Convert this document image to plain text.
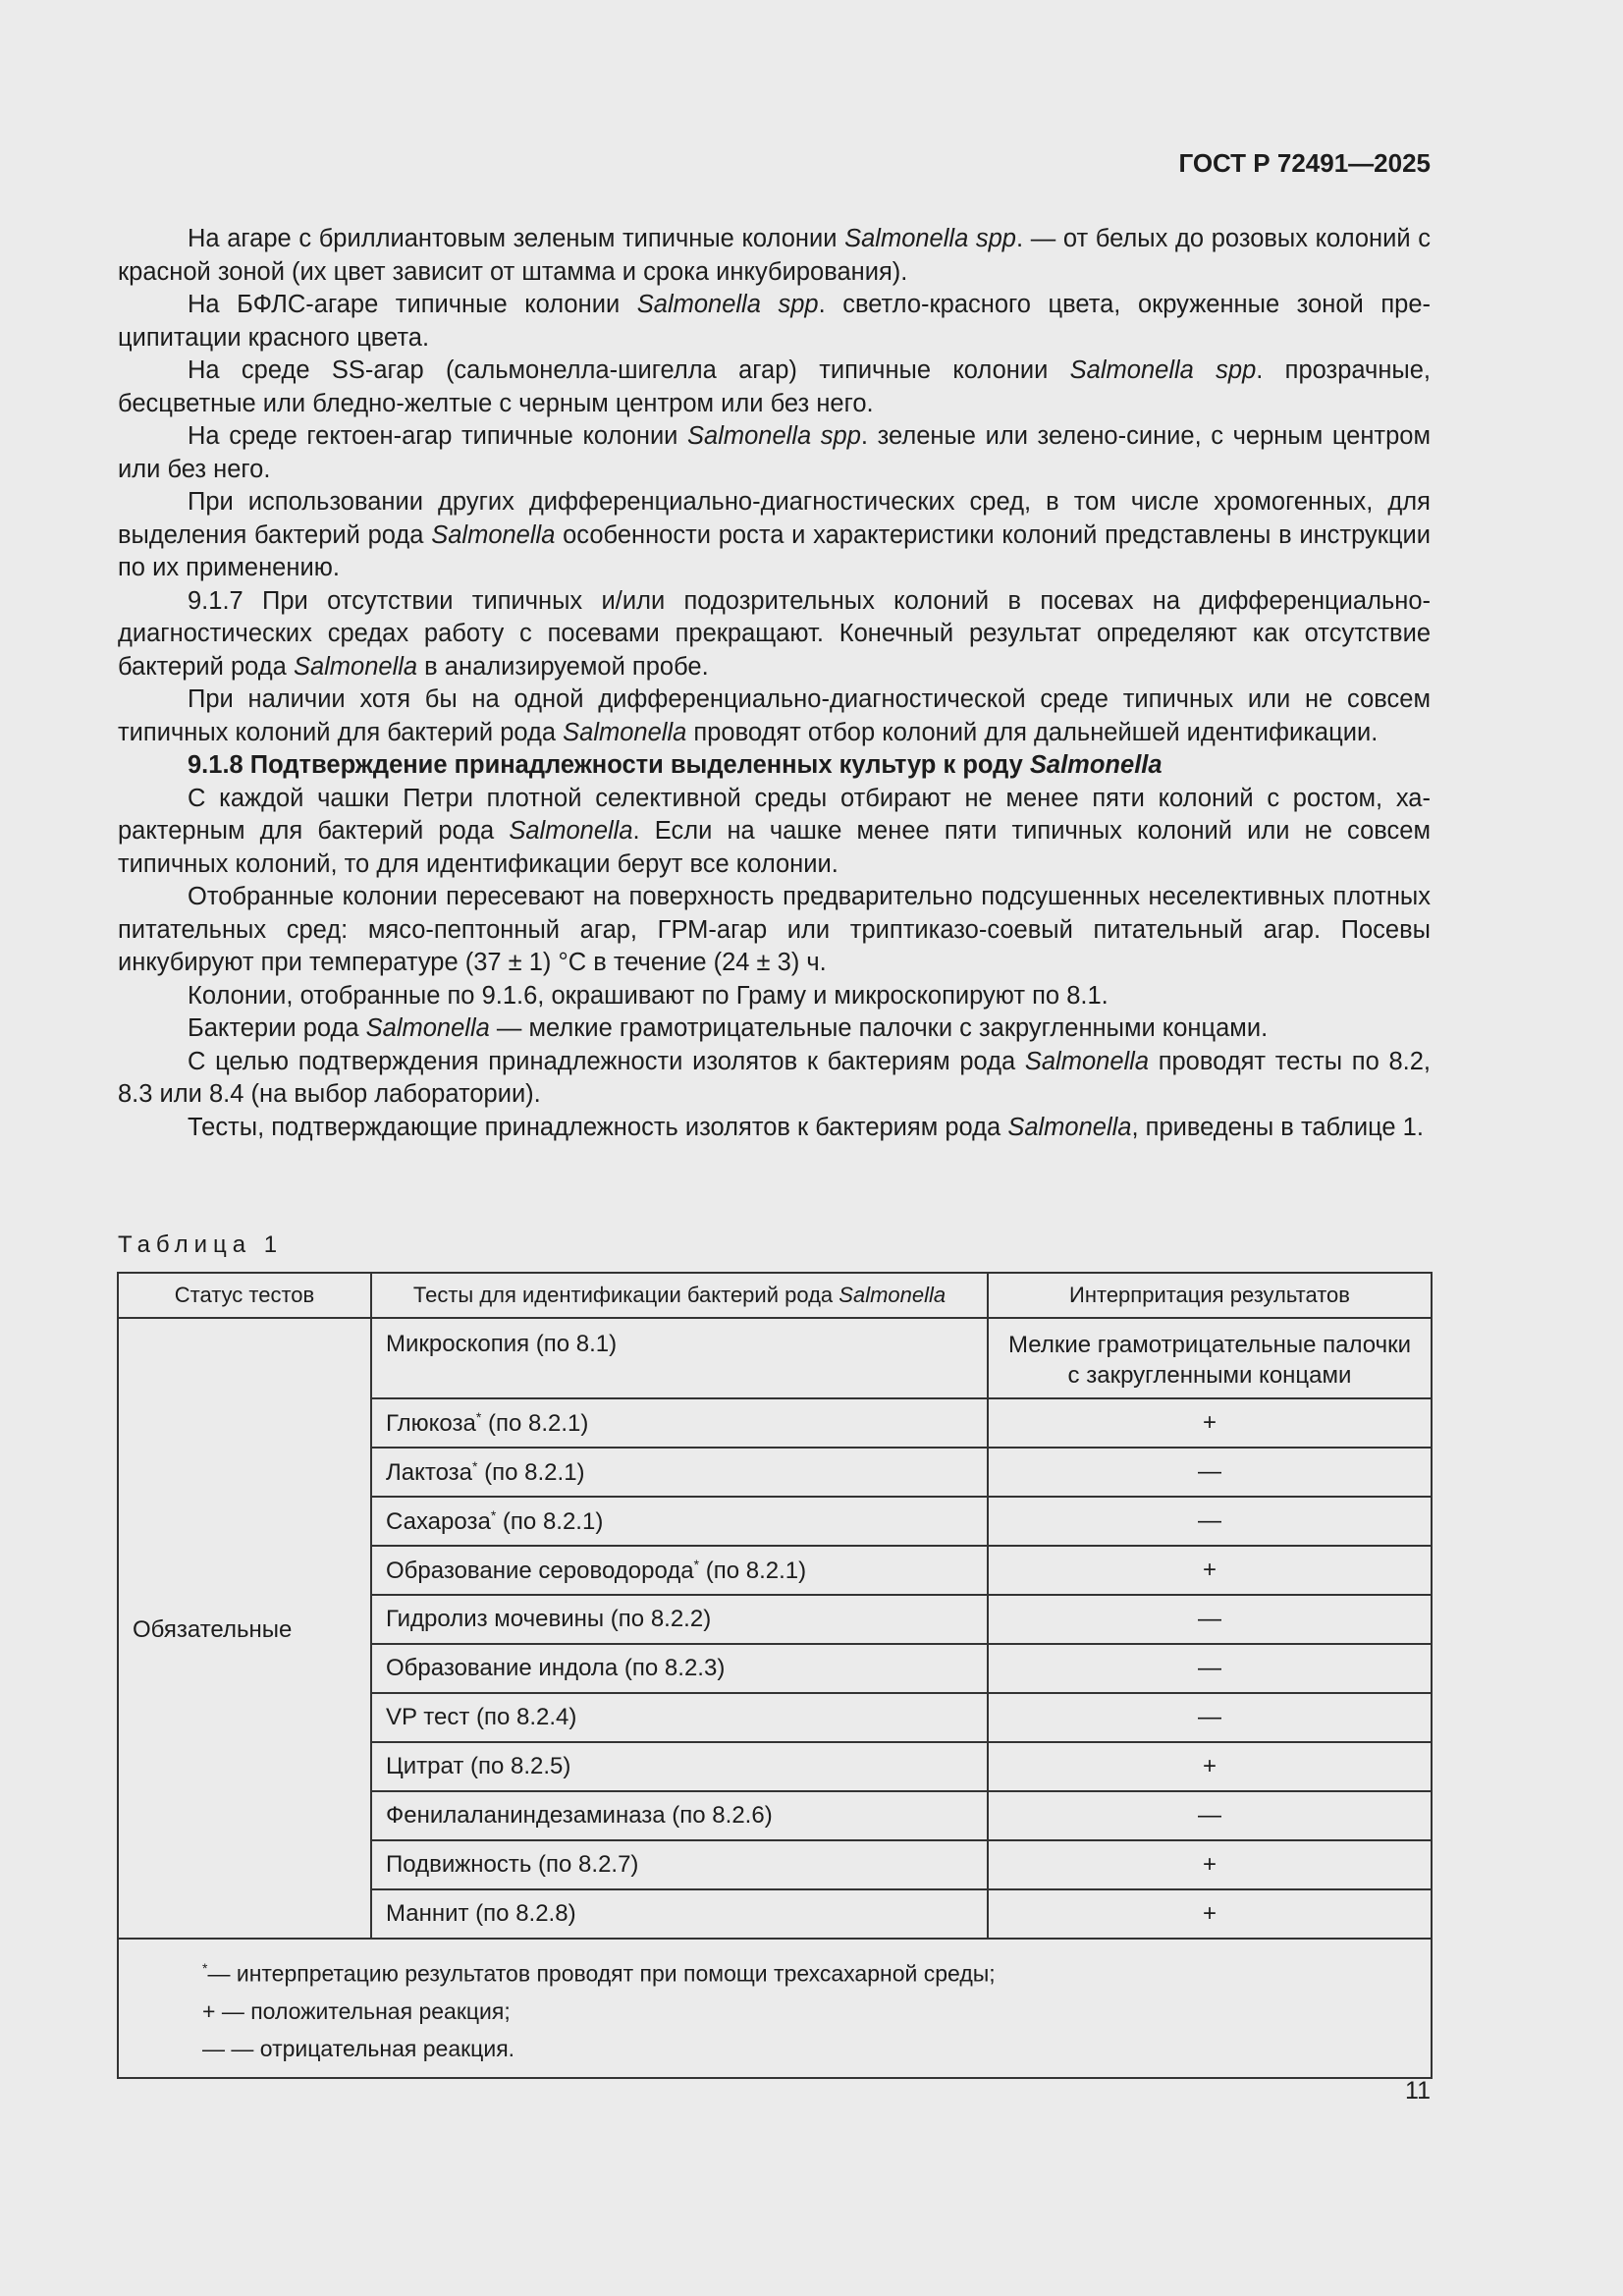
ГОСТ Р 72491—2025

На агаре с бриллиантовым зеленым типичные колонии Salmonella spp. — от белых до розовых колоний с красной зоной (их цвет зависит от штамма и срока инкубирования).

На БФЛС-агаре типичные колонии Salmonella spp. светло-красного цвета, окруженные зоной преципитации красного цвета.

На среде SS-агар (сальмонелла-шигелла агар) типичные колонии Salmonella spp. прозрачные, бесцветные или бледно-желтые с черным центром или без него.

На среде гектоен-агар типичные колонии Salmonella spp. зеленые или зелено-синие, с черным центром или без него.

При использовании других дифференциально-диагностических сред, в том числе хромогенных, для выделения бактерий рода Salmonella особенности роста и характеристики колоний представлены в инструкции по их применению.

9.1.7 При отсутствии типичных и/или подозрительных колоний в посевах на дифференциально-диагностических средах работу с посевами прекращают. Конечный результат определяют как отсутствие бактерий рода Salmonella в анализируемой пробе.

При наличии хотя бы на одной дифференциально-диагностической среде типичных или не совсем типичных колоний для бактерий рода Salmonella проводят отбор колоний для дальнейшей идентификации.

9.1.8 Подтверждение принадлежности выделенных культур к роду Salmonella

С каждой чашки Петри плотной селективной среды отбирают не менее пяти колоний с ростом, характерным для бактерий рода Salmonella. Если на чашке менее пяти типичных колоний или не совсем типичных колоний, то для идентификации берут все колонии.

Отобранные колонии пересевают на поверхность предварительно подсушенных неселективных плотных питательных сред: мясо-пептонный агар, ГРМ-агар или триптиказо-соевый питательный агар. Посевы инкубируют при температуре (37 ± 1) °С в течение (24 ± 3) ч.

Колонии, отобранные по 9.1.6, окрашивают по Граму и микроскопируют по 8.1.

Бактерии рода Salmonella — мелкие грамотрицательные палочки с закругленными концами.

С целью подтверждения принадлежности изолятов к бактериям рода Salmonella проводят тесты по 8.2, 8.3 или 8.4 (на выбор лаборатории).

Тесты, подтверждающие принадлежность изолятов к бактериям рода Salmonella, приведены в таблице 1.

Таблица 1
Статус тестов	Тесты для идентификации бактерий рода Salmonella	Интерпритация результатов

Обязательные	Микроскопия (по 8.1)	Мелкие грамотрицательные палочки с закругленными концами
	Глюкоза* (по 8.2.1)	+
	Лактоза* (по 8.2.1)	—
	Сахароза* (по 8.2.1)	—
	Образование сероводорода* (по 8.2.1)	+
	Гидролиз мочевины (по 8.2.2)	—
	Образование индола (по 8.2.3)	—
	VP тест (по 8.2.4)	—
	Цитрат (по 8.2.5)	+
	Фенилаланиндезаминаза (по 8.2.6)	—
	Подвижность (по 8.2.7)	+
	Маннит (по 8.2.8)	+

*— интерпретацию результатов проводят при помощи трехсахарной среды;
+ — положительная реакция;
— — отрицательная реакция.		
11
